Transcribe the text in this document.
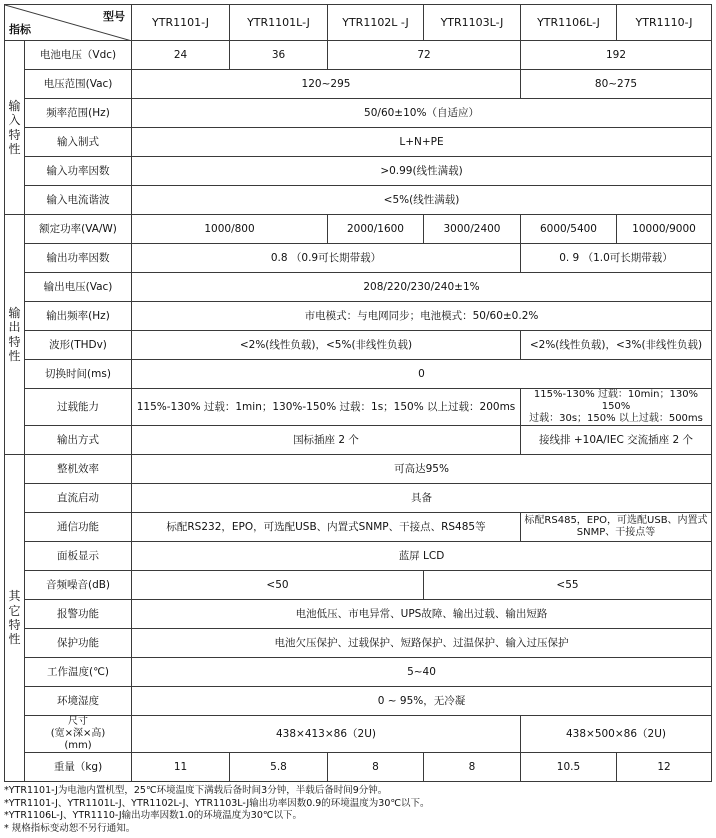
型号
指标		YTR1101-J	YTR1101L-J	YTR1102L -J	YTR1103L-J	YTR1106L-J	YTR1110-J
输入特性	电池电压（Vdc)	24	36	72		192	
	电压范围(Vac)	120~295				80~275	
	频率范围(Hz)	50/60±10%（自适应）					
	输入制式	L+N+PE					
	输入功率因数	>0.99(线性满载)					
	输入电流谐波	<5%(线性满载)					
输出特性	额定功率(VA/W)	1000/800		2000/1600	3000/2400	6000/5400	10000/9000
	输出功率因数	0.8 （0.9可长期带载）				0. 9 （1.0可长期带载）	
	输出电压(Vac)	208/220/230/240±1%					
	输出频率(Hz)	市电模式：与电网同步；电池模式：50/60±0.2%					
	波形(THDv)	<2%(线性负载)，<5%(非线性负载)				<2%(线性负载)，<3%(非线性负载)	
	切换时间(ms)	0					
	过载能力	115%-130% 过载：1min；130%-150% 过载：1s；150% 以上过载：200ms				115%-130% 过载：10min；130% 150%
过载：30s；150% 以上过载：500ms	

	输出方式	国标插座 2 个				接线排 +10A/IEC 交流插座 2 个	
其它特性	整机效率	可高达95%					
	直流启动	具备					
	通信功能	标配RS232，EPO，可选配USB、内置式SNMP、干接点、RS485等				标配RS485，EPO，可选配USB、内置式
SNMP、干接点等	

	面板显示	蓝屏 LCD					
	音频噪音(dB)	<50			<55		
	报警功能	电池低压、市电异常、UPS故障、输出过载、输出短路					
	保护功能	电池欠压保护、过载保护、短路保护、过温保护、输入过压保护					
	工作温度(℃)	5~40					
	环境湿度	0 ~ 95%，无冷凝					

	尺寸
(宽×深×高)
(mm)	438×413×86（2U)				438×500×86（2U)	
	重量（kg)	11	5.8	8	8	10.5	12
*YTR1101-J为电池内置机型，25℃环境温度下满载后备时间3分钟，半载后备时间9分钟。
*YTR1101-J、YTR1101L-J、YTR1102L-J、YTR1103L-J输出功率因数0.9的环境温度为30℃以下。
*YTR1106L-J、YTR1110-J输出功率因数1.0的环境温度为30℃以下。
* 规格指标变动恕不另行通知。
